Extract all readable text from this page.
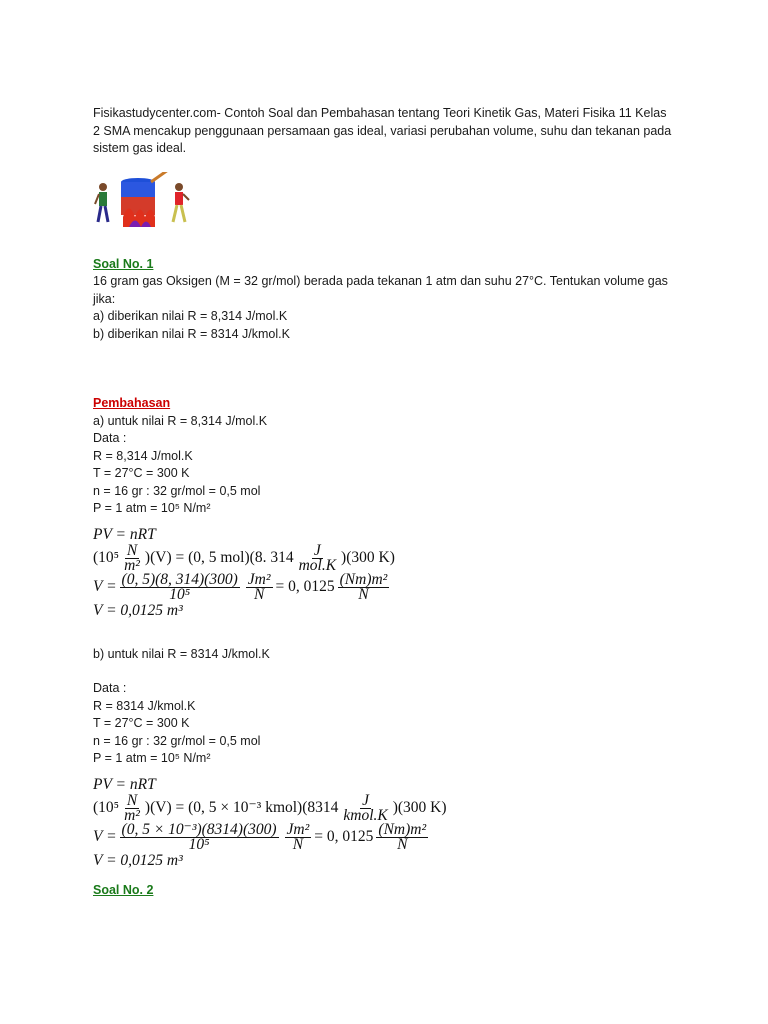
Fisikastudycenter.com- Contoh Soal dan Pembahasan tentang Teori Kinetik Gas, Materi Fisika 11 Kelas 2 SMA mencakup penggunaan persamaan gas ideal, variasi perubahan volume, suhu dan tekanan pada sistem gas ideal.

Soal No. 1

16 gram gas Oksigen (M = 32 gr/mol) berada pada tekanan 1 atm dan suhu 27°C. Tentukan volume gas jika:

a) diberikan nilai R = 8,314 J/mol.K
b) diberikan nilai R = 8314 J/kmol.K
Pembahasan
a) untuk nilai R = 8,314 J/mol.K
Data :
R = 8,314 J/mol.K
T = 27°C = 300 K
n = 16 gr : 32 gr/mol = 0,5 mol
P = 1 atm = 10⁵ N/m²
PV = nRT
$(10^5 \frac{N}{\text{m²}} )(V) = (0$, 5 mol)(8. $314 \frac{J}{\text{mol.K}} )(300$ K)
$V = \frac{(0, 5)(8, 314)(300)}{\text{10⁵}} \frac{\text{Jm²}}{N} = 0$, $0125 \frac{\text{(Nm)m²}}{N}$
V = 0,0125 m³
b) untuk nilai R = 8314 J/kmol.K
Data :
R = 8314 J/kmol.K
T = 27°C = 300 K
n = 16 gr : 32 gr/mol = 0,5 mol
P = 1 atm = 10⁵ N/m²
PV = nRT
$(10^5 \frac{N}{\text{m²}} )(V) = (0$, 5 × 10⁻³ kmol)(8314 $\frac{J}{\text{kmol.K}} )(300$ K)
$V = \frac{\text{(0, 5 × 10⁻³)(8314)(300)}}{\text{10⁵}} \frac{\text{Jm²}}{N} = 0$, $0125 \frac{\text{(Nm)m²}}{N}$
V = 0,0125 m³
Soal No. 2
